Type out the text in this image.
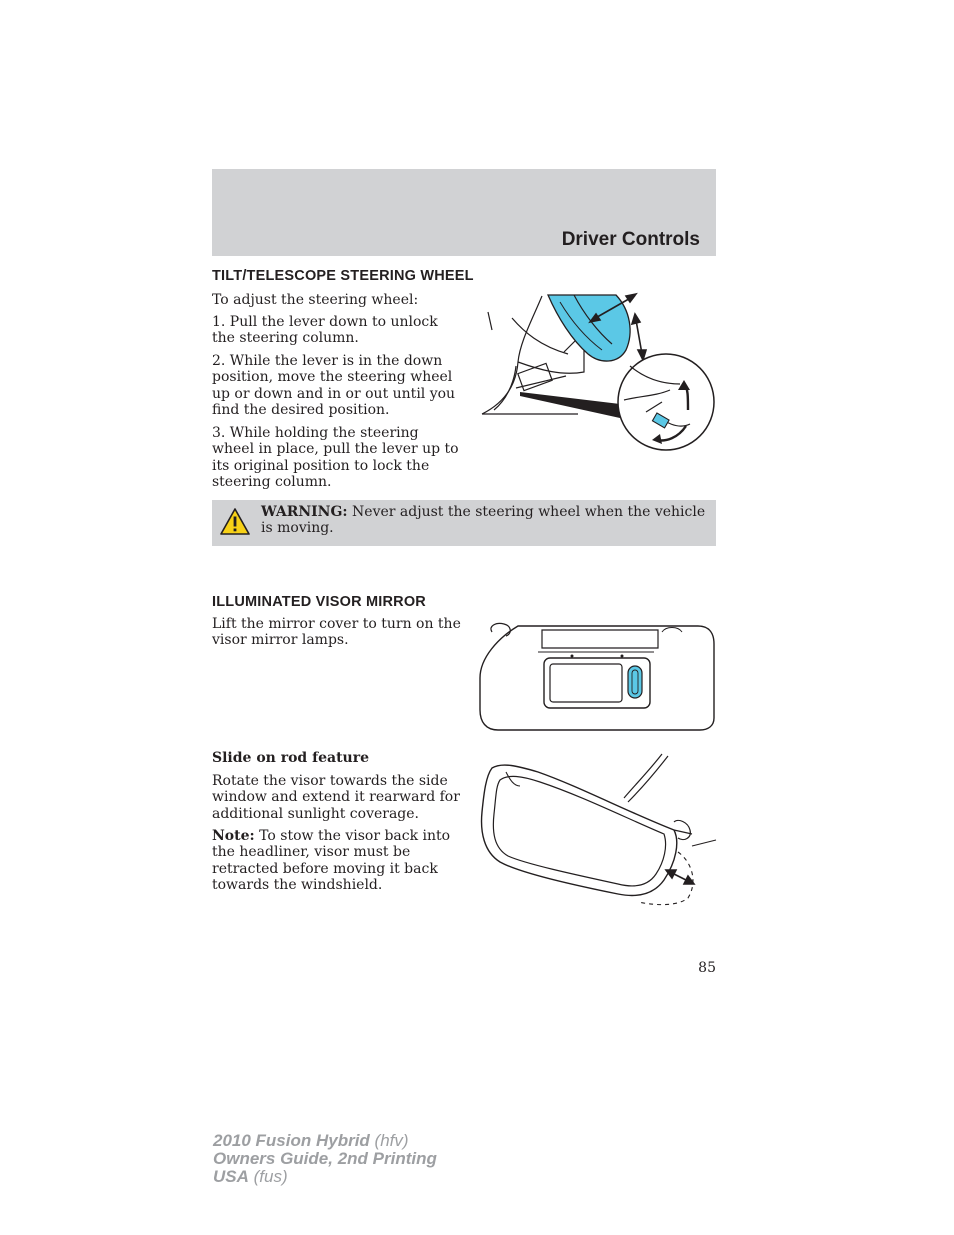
Driver Controls
TILT/TELESCOPE STEERING WHEEL

To adjust the steering wheel:

1. Pull the lever down to unlock the steering column.

2. While the lever is in the down position, move the steering wheel up or down and in or out until you find the desired position.

3. While holding the steering wheel in place, pull the lever up to its original position to lock the steering column.

WARNING: Never adjust the steering wheel when the vehicle is moving.
ILLUMINATED VISOR MIRROR

Lift the mirror cover to turn on the visor mirror lamps.

Slide on rod feature

Rotate the visor towards the side window and extend it rearward for additional sunlight coverage.

Note: To stow the visor back into the headliner, visor must be retracted before moving it back towards the windshield.

85
2010 Fusion Hybrid (hfv)
Owners Guide, 2nd Printing
USA (fus)
